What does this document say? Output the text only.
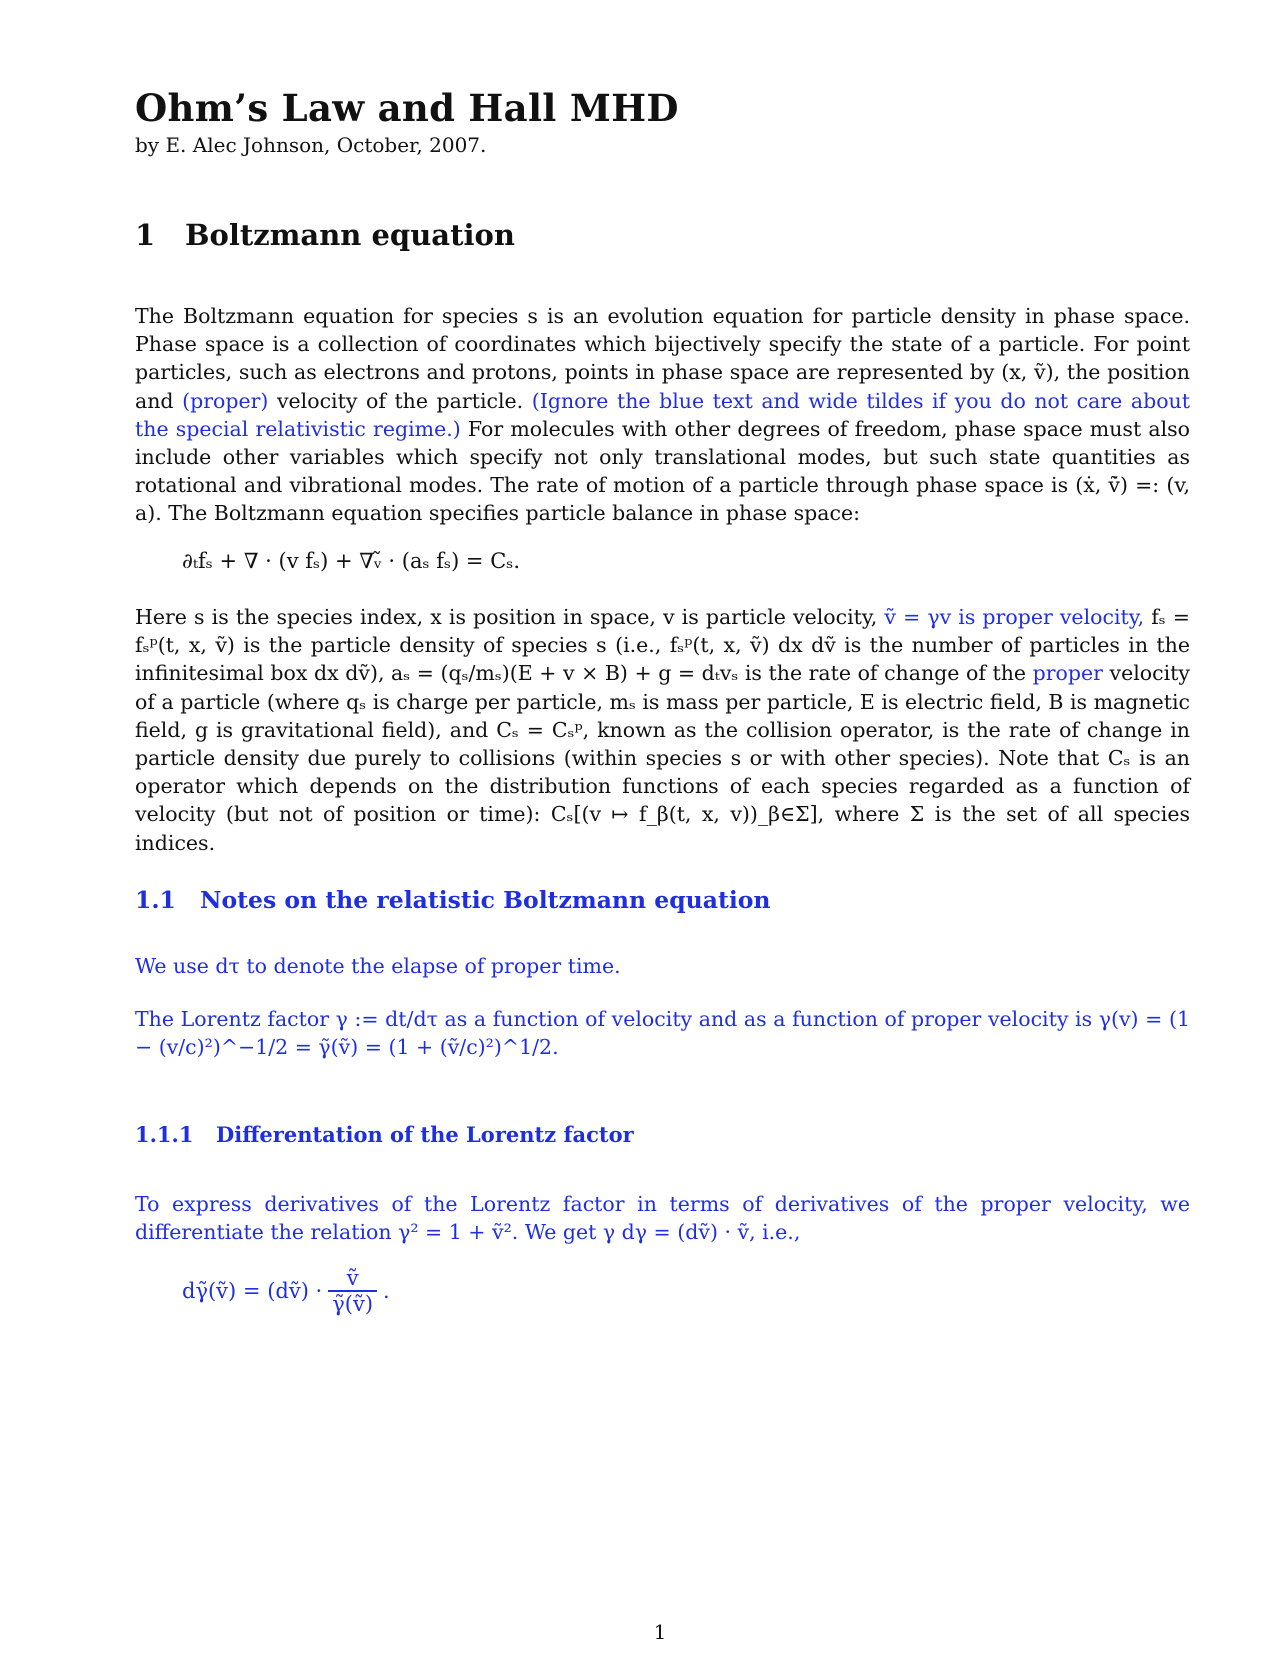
Ohm’s Law and Hall MHD
by E. Alec Johnson, October, 2007.
1 Boltzmann equation
The Boltzmann equation for species s is an evolution equation for particle density in phase space. Phase space is a collection of coordinates which bijectively specify the state of a particle. For point particles, such as electrons and protons, points in phase space are represented by (x, ṽ), the position and (proper) velocity of the particle. (Ignore the blue text and wide tildes if you do not care about the special relativistic regime.) For molecules with other degrees of freedom, phase space must also include other variables which specify not only translational modes, but such state quantities as rotational and vibrational modes. The rate of motion of a particle through phase space is (ẋ, ṽ̇) =: (v, a). The Boltzmann equation specifies particle balance in phase space:
∂ₜfₛ + ∇ · (v fₛ) + ∇ᵥ̃ · (aₛ fₛ) = Cₛ.
Here s is the species index, x is position in space, v is particle velocity, ṽ = γv is proper velocity, fₛ = fₛᵖ(t, x, ṽ) is the particle density of species s (i.e., fₛᵖ(t, x, ṽ) dx dṽ is the number of particles in the infinitesimal box dx dṽ), aₛ = (qₛ/mₛ)(E + v × B) + g = dₜvₛ is the rate of change of the proper velocity of a particle (where qₛ is charge per particle, mₛ is mass per particle, E is electric field, B is magnetic field, g is gravitational field), and Cₛ = Cₛᵖ, known as the collision operator, is the rate of change in particle density due purely to collisions (within species s or with other species). Note that Cₛ is an operator which depends on the distribution functions of each species regarded as a function of velocity (but not of position or time): Cₛ[(v ↦ f_β(t, x, v))_β∈Σ], where Σ is the set of all species indices.
1.1 Notes on the relatistic Boltzmann equation
We use dτ to denote the elapse of proper time.
The Lorentz factor γ := dt/dτ as a function of velocity and as a function of proper velocity is γ(v) = (1 − (v/c)²)^−1/2 = γ̃(ṽ) = (1 + (ṽ/c)²)^1/2.
1.1.1 Differentation of the Lorentz factor
To express derivatives of the Lorentz factor in terms of derivatives of the proper velocity, we differentiate the relation γ² = 1 + ṽ². We get γ dγ = (dṽ) · ṽ, i.e.,
dγ̃(ṽ) = (dṽ) · $\frac{\text{ṽ}}{\text{γ̃(ṽ)}}$ .
1
